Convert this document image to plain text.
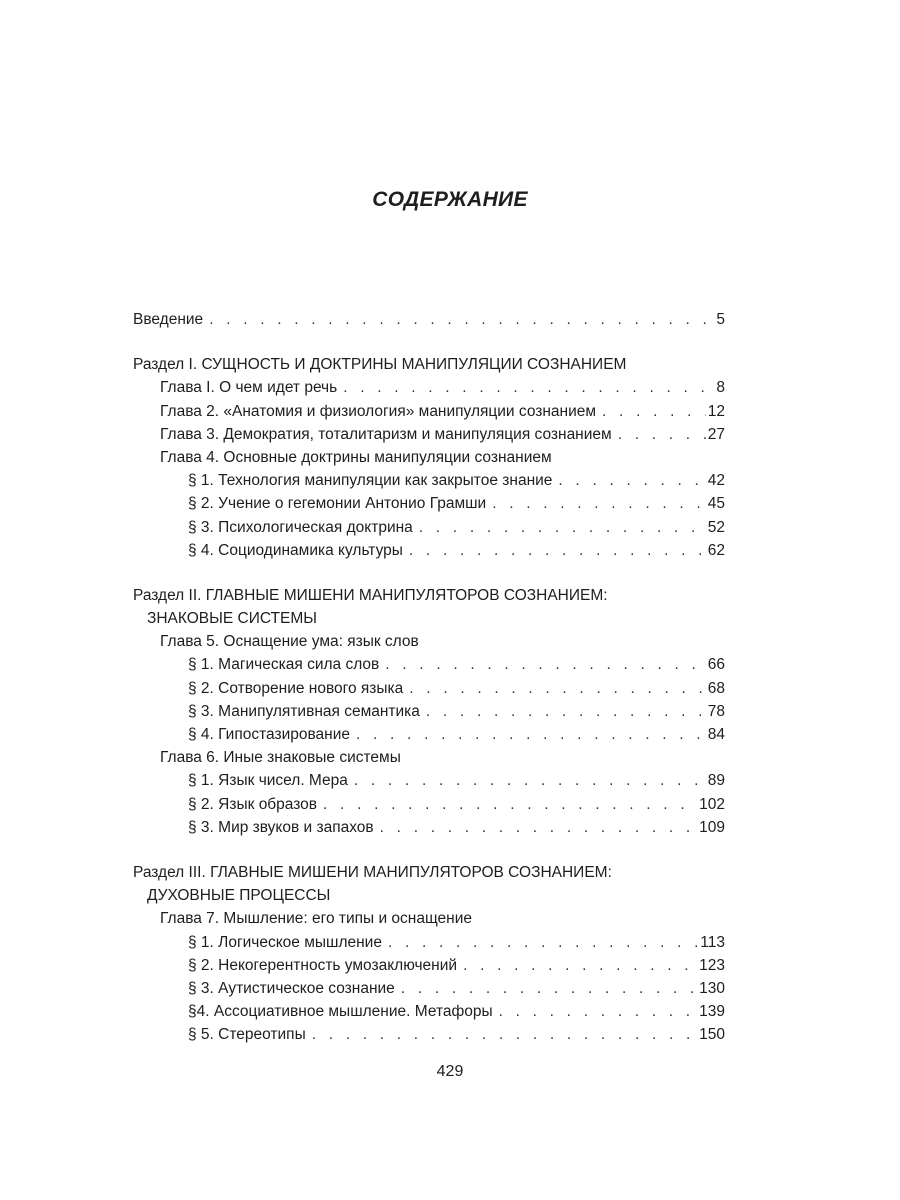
СОДЕРЖАНИЕ
Введение . . .	5
Раздел I. СУЩНОСТЬ И ДОКТРИНЫ МАНИПУЛЯЦИИ СОЗНАНИЕМ
Глава I. О чем идет речь . . .	8
Глава 2. «Анатомия и физиология» манипуляции сознанием . . .	12
Глава 3. Демократия, тоталитаризм и манипуляция сознанием . . .	27
Глава 4. Основные доктрины манипуляции сознанием
§ 1. Технология манипуляции как закрытое знание . . .	42
§ 2. Учение о гегемонии Антонио Грамши . . .	45
§ 3. Психологическая доктрина . . .	52
§ 4. Социодинамика культуры . . .	62
Раздел II. ГЛАВНЫЕ МИШЕНИ МАНИПУЛЯТОРОВ СОЗНАНИЕМ:
ЗНАКОВЫЕ СИСТЕМЫ
Глава 5. Оснащение ума: язык слов
§ 1. Магическая сила слов . . .	66
§ 2. Сотворение нового языка . . .	68
§ 3. Манипулятивная семантика . . .	78
§ 4. Гипостазирование . . .	84
Глава 6. Иные знаковые системы
§ 1. Язык чисел. Мера . . .	89
§ 2. Язык образов . . .	102
§ 3. Мир звуков и запахов . . .	109
Раздел III. ГЛАВНЫЕ МИШЕНИ МАНИПУЛЯТОРОВ СОЗНАНИЕМ:
ДУХОВНЫЕ ПРОЦЕССЫ
Глава 7. Мышление: его типы и оснащение
§ 1. Логическое мышление . . .	113
§ 2. Некогерентность умозаключений . . .	123
§ 3. Аутистическое сознание . . .	130
§4. Ассоциативное мышление. Метафоры . . .	139
§ 5. Стереотипы . . .	150
429
